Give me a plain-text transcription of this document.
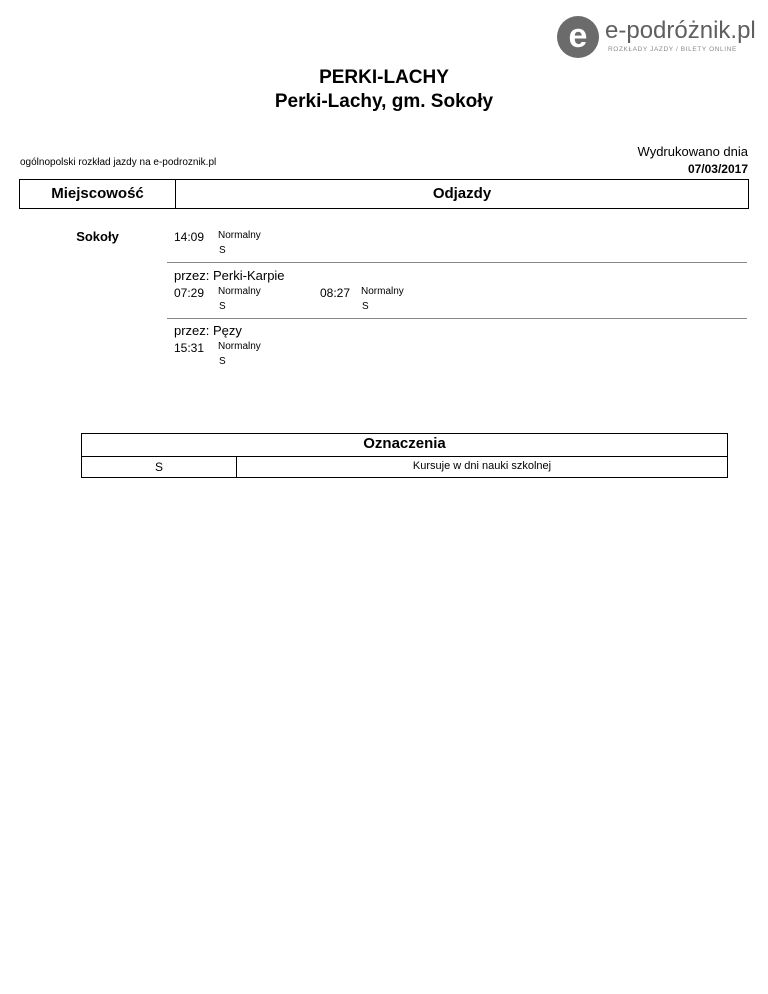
e e-podróżnik.pl
ROZKŁADY JAZDY / BILETY ONLINE
PERKI-LACHY
Perki-Lachy, gm. Sokoły
ogólnopolski rozkład jazdy na e-podroznik.pl
Wydrukowano dnia
07/03/2017
Miejscowość	Odjazdy
Sokoły	14:09 Normalny
S
przez: Perki-Karpie
07:29 Normalny
S
08:27 Normalny
S
przez: Pęzy
15:31 Normalny
S
Oznaczenia
S	Kursuje w dni nauki szkolnej
